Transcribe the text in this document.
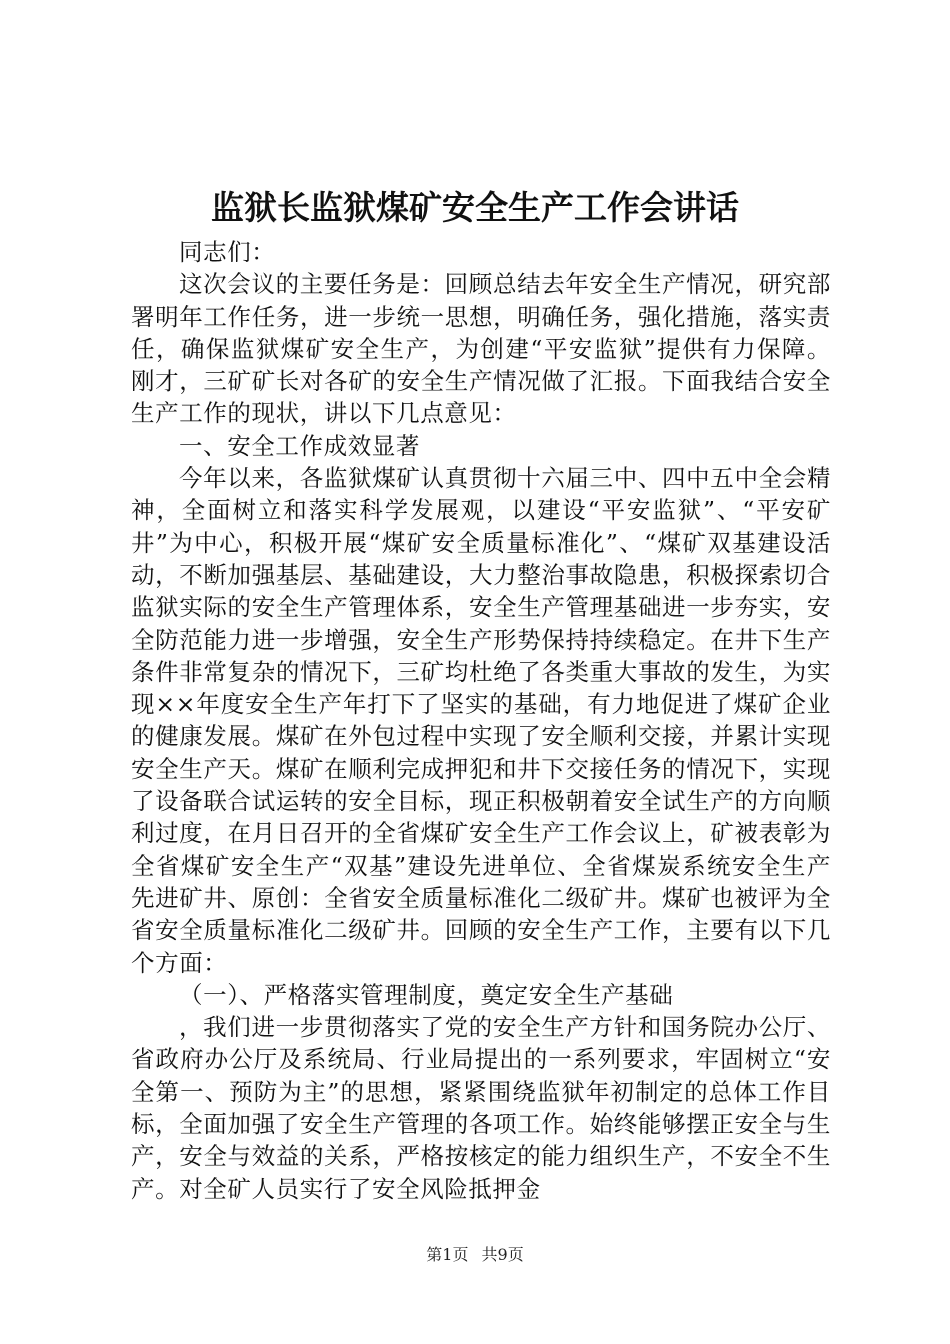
监狱长监狱煤矿安全生产工作会讲话

同志们：

这次会议的主要任务是：回顾总结去年安全生产情况，研究部署明年工作任务，进一步统一思想，明确任务，强化措施，落实责任，确保监狱煤矿安全生产，为创建“平安监狱”提供有力保障。刚才，三矿矿长对各矿的安全生产情况做了汇报。下面我结合安全生产工作的现状，讲以下几点意见：

一、安全工作成效显著

今年以来，各监狱煤矿认真贯彻十六届三中、四中五中全会精神，全面树立和落实科学发展观，以建设“平安监狱”、“平安矿井”为中心，积极开展“煤矿安全质量标准化”、“煤矿双基建设活动，不断加强基层、基础建设，大力整治事故隐患，积极探索切合监狱实际的安全生产管理体系，安全生产管理基础进一步夯实，安全防范能力进一步增强，安全生产形势保持持续稳定。在井下生产条件非常复杂的情况下，三矿均杜绝了各类重大事故的发生，为实现××年度安全生产年打下了坚实的基础，有力地促进了煤矿企业的健康发展。煤矿在外包过程中实现了安全顺利交接，并累计实现安全生产天。煤矿在顺利完成押犯和井下交接任务的情况下，实现了设备联合试运转的安全目标，现正积极朝着安全试生产的方向顺利过度，在月日召开的全省煤矿安全生产工作会议上，矿被表彰为全省煤矿安全生产“双基”建设先进单位、全省煤炭系统安全生产先进矿井、原创：全省安全质量标准化二级矿井。煤矿也被评为全省安全质量标准化二级矿井。回顾的安全生产工作，主要有以下几个方面：

（一）、严格落实管理制度，奠定安全生产基础

，我们进一步贯彻落实了党的安全生产方针和国务院办公厅、省政府办公厅及系统局、行业局提出的一系列要求，牢固树立“安全第一、预防为主”的思想，紧紧围绕监狱年初制定的总体工作目标，全面加强了安全生产管理的各项工作。始终能够摆正安全与生产，安全与效益的关系，严格按核定的能力组织生产，不安全不生产。对全矿人员实行了安全风险抵押金

第1页 共9页
